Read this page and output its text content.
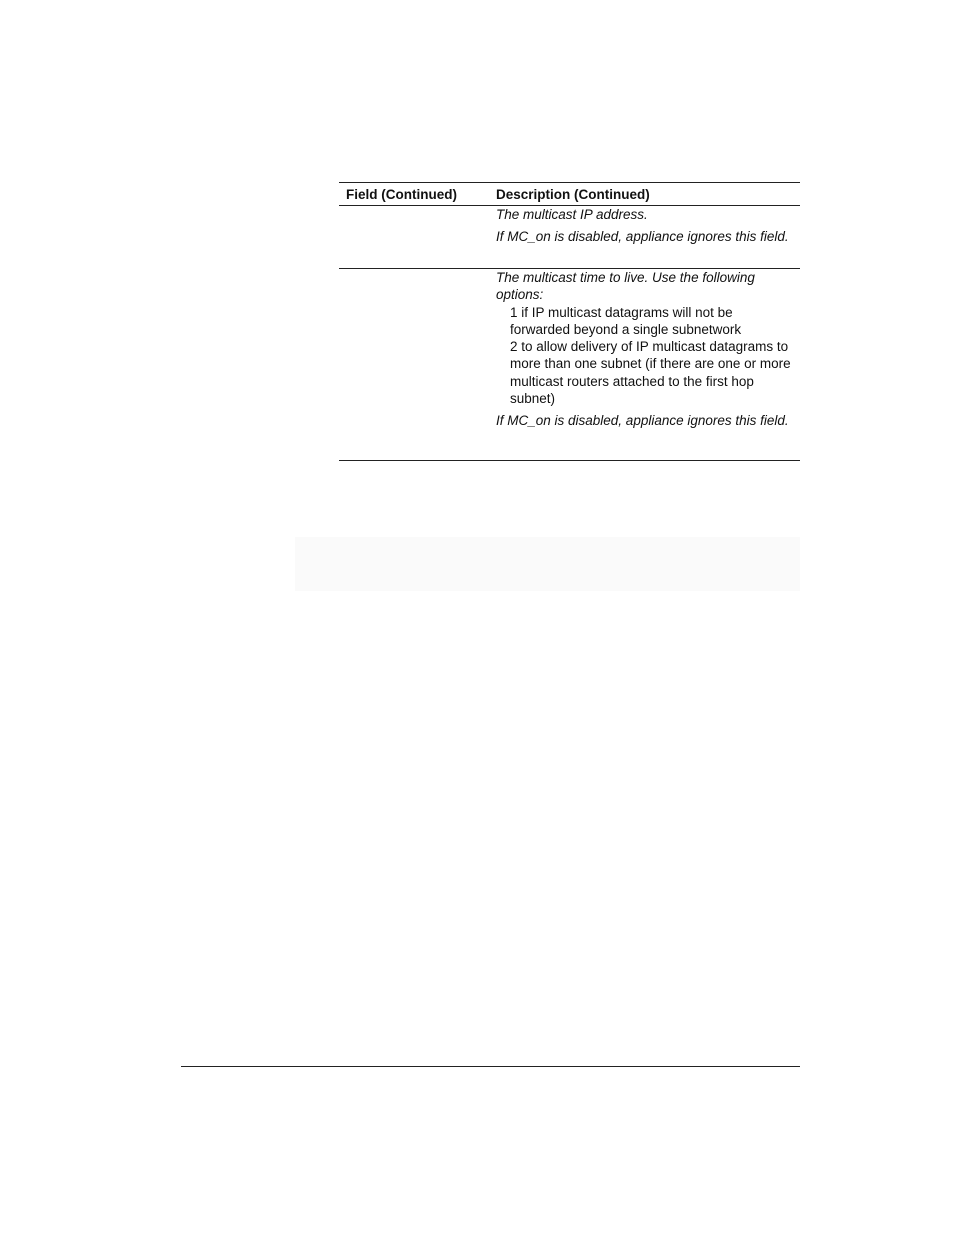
Field (Continued)	Description (Continued)

The multicast IP address.

If MC_on is disabled, appliance ignores this field.

The multicast time to live. Use the following options:

1 if IP multicast datagrams will not be forwarded beyond a single subnetwork

2 to allow delivery of IP multicast datagrams to more than one subnet (if there are one or more multicast routers attached to the first hop subnet)

If MC_on is disabled, appliance ignores this field.
